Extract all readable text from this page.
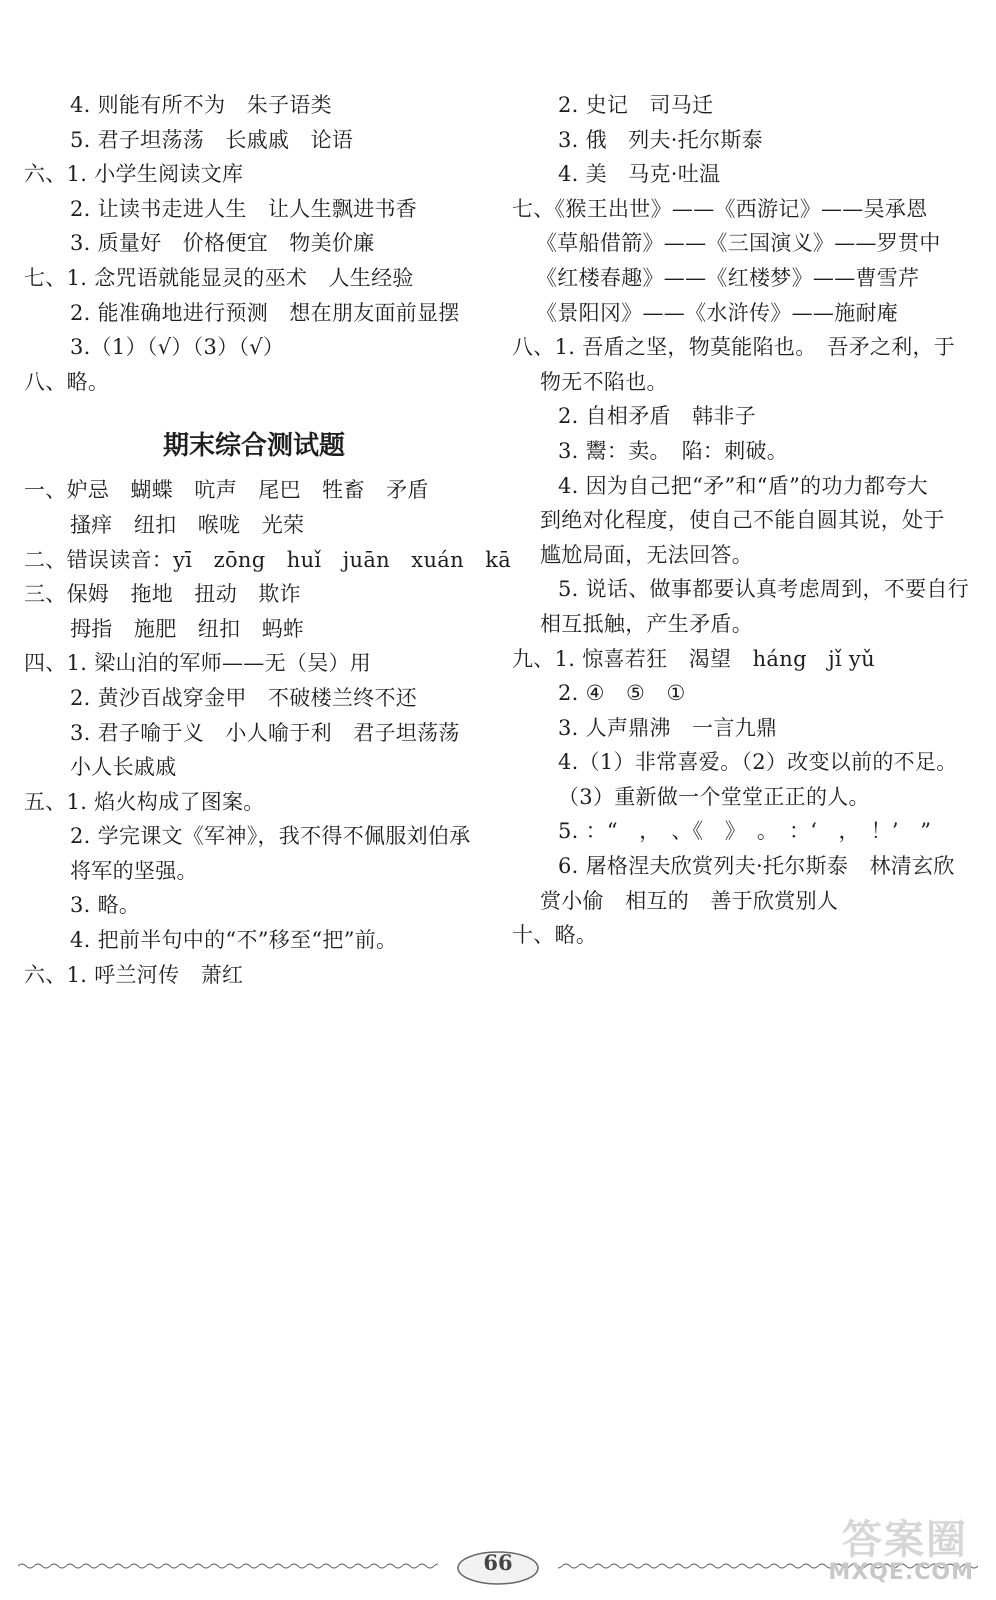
4. 则能有所不为　朱子语类
5. 君子坦荡荡　长戚戚　论语
六、1. 小学生阅读文库
2. 让读书走进人生　让人生飘进书香
3. 质量好　价格便宜　物美价廉
七、1. 念咒语就能显灵的巫术　人生经验
2. 能准确地进行预测　想在朋友面前显摆
3.（1）（√）（3）（√）
八、略。
期末综合测试题
一、妒忌　蝴蝶　吭声　尾巴　牲畜　矛盾
搔痒　纽扣　喉咙　光荣
二、错误读音：yī　zōng　huǐ　juān　xuán　kā
三、保姆　拖地　扭动　欺诈
拇指　施肥　纽扣　蚂蚱
四、1. 梁山泊的军师——无（吴）用
2. 黄沙百战穿金甲　不破楼兰终不还
3. 君子喻于义　小人喻于利　君子坦荡荡
小人长戚戚
五、1. 焰火构成了图案。
2. 学完课文《军神》，我不得不佩服刘伯承
将军的坚强。
3. 略。
4. 把前半句中的“不”移至“把”前。
六、1. 呼兰河传　萧红
2. 史记　司马迁
3. 俄　列夫·托尔斯泰
4. 美　马克·吐温
七、《猴王出世》——《西游记》——吴承恩
《草船借箭》——《三国演义》——罗贯中
《红楼春趣》——《红楼梦》——曹雪芹
《景阳冈》——《水浒传》——施耐庵
八、1. 吾盾之坚，物莫能陷也。　吾矛之利，于
物无不陷也。
2. 自相矛盾　韩非子
3. 鬻：卖。　陷：刺破。
4. 因为自己把“矛”和“盾”的功力都夸大
到绝对化程度，使自己不能自圆其说，处于
尴尬局面，无法回答。
5. 说话、做事都要认真考虑周到，不要自行
相互抵触，产生矛盾。
九、1. 惊喜若狂　渴望　háng　jǐ yǔ
2. ④　⑤　①
3. 人声鼎沸　一言九鼎
4.（1）非常喜爱。（2）改变以前的不足。
（3）重新做一个堂堂正正的人。
5. ：“　，　、《　》　。　：‘　，　！’　”
6. 屠格涅夫欣赏列夫·托尔斯泰　林清玄欣
赏小偷　相互的　善于欣赏别人
十、略。
66	答案圈
MXQE.COM
